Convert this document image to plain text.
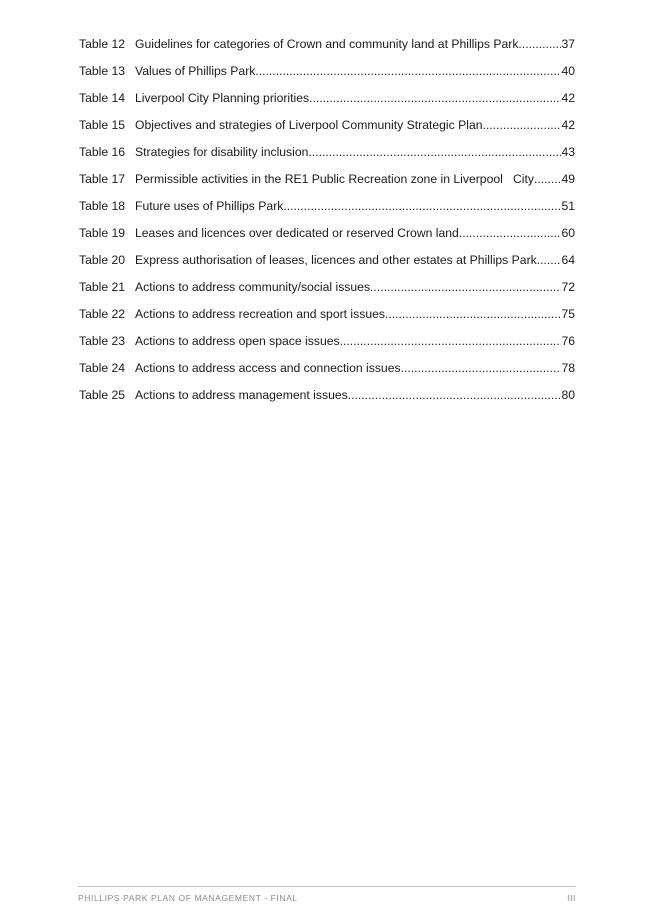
Table 12 Guidelines for categories of Crown and community land at Phillips Park .....	37
Table 13 Values of Phillips Park .....	40
Table 14 Liverpool City Planning priorities .....	42
Table 15 Objectives and strategies of Liverpool Community Strategic Plan .....	42
Table 16 Strategies for disability inclusion .....	43
Table 17 Permissible activities in the RE1 Public Recreation zone in Liverpool   City ..... 49
Table 18 Future uses of Phillips Park .....	51
Table 19 Leases and licences over dedicated or reserved Crown land .....	60
Table 20 Express authorisation of leases, licences and other estates at Phillips Park ..... 64
Table 21 Actions to address community/social issues .....	72
Table 22 Actions to address recreation and sport issues .....	75
Table 23 Actions to address open space issues .....	76
Table 24 Actions to address access and connection issues .....	78
Table 25 Actions to address management issues .....	80
PHILLIPS PARK PLAN OF MANAGEMENT - FINAL	III
